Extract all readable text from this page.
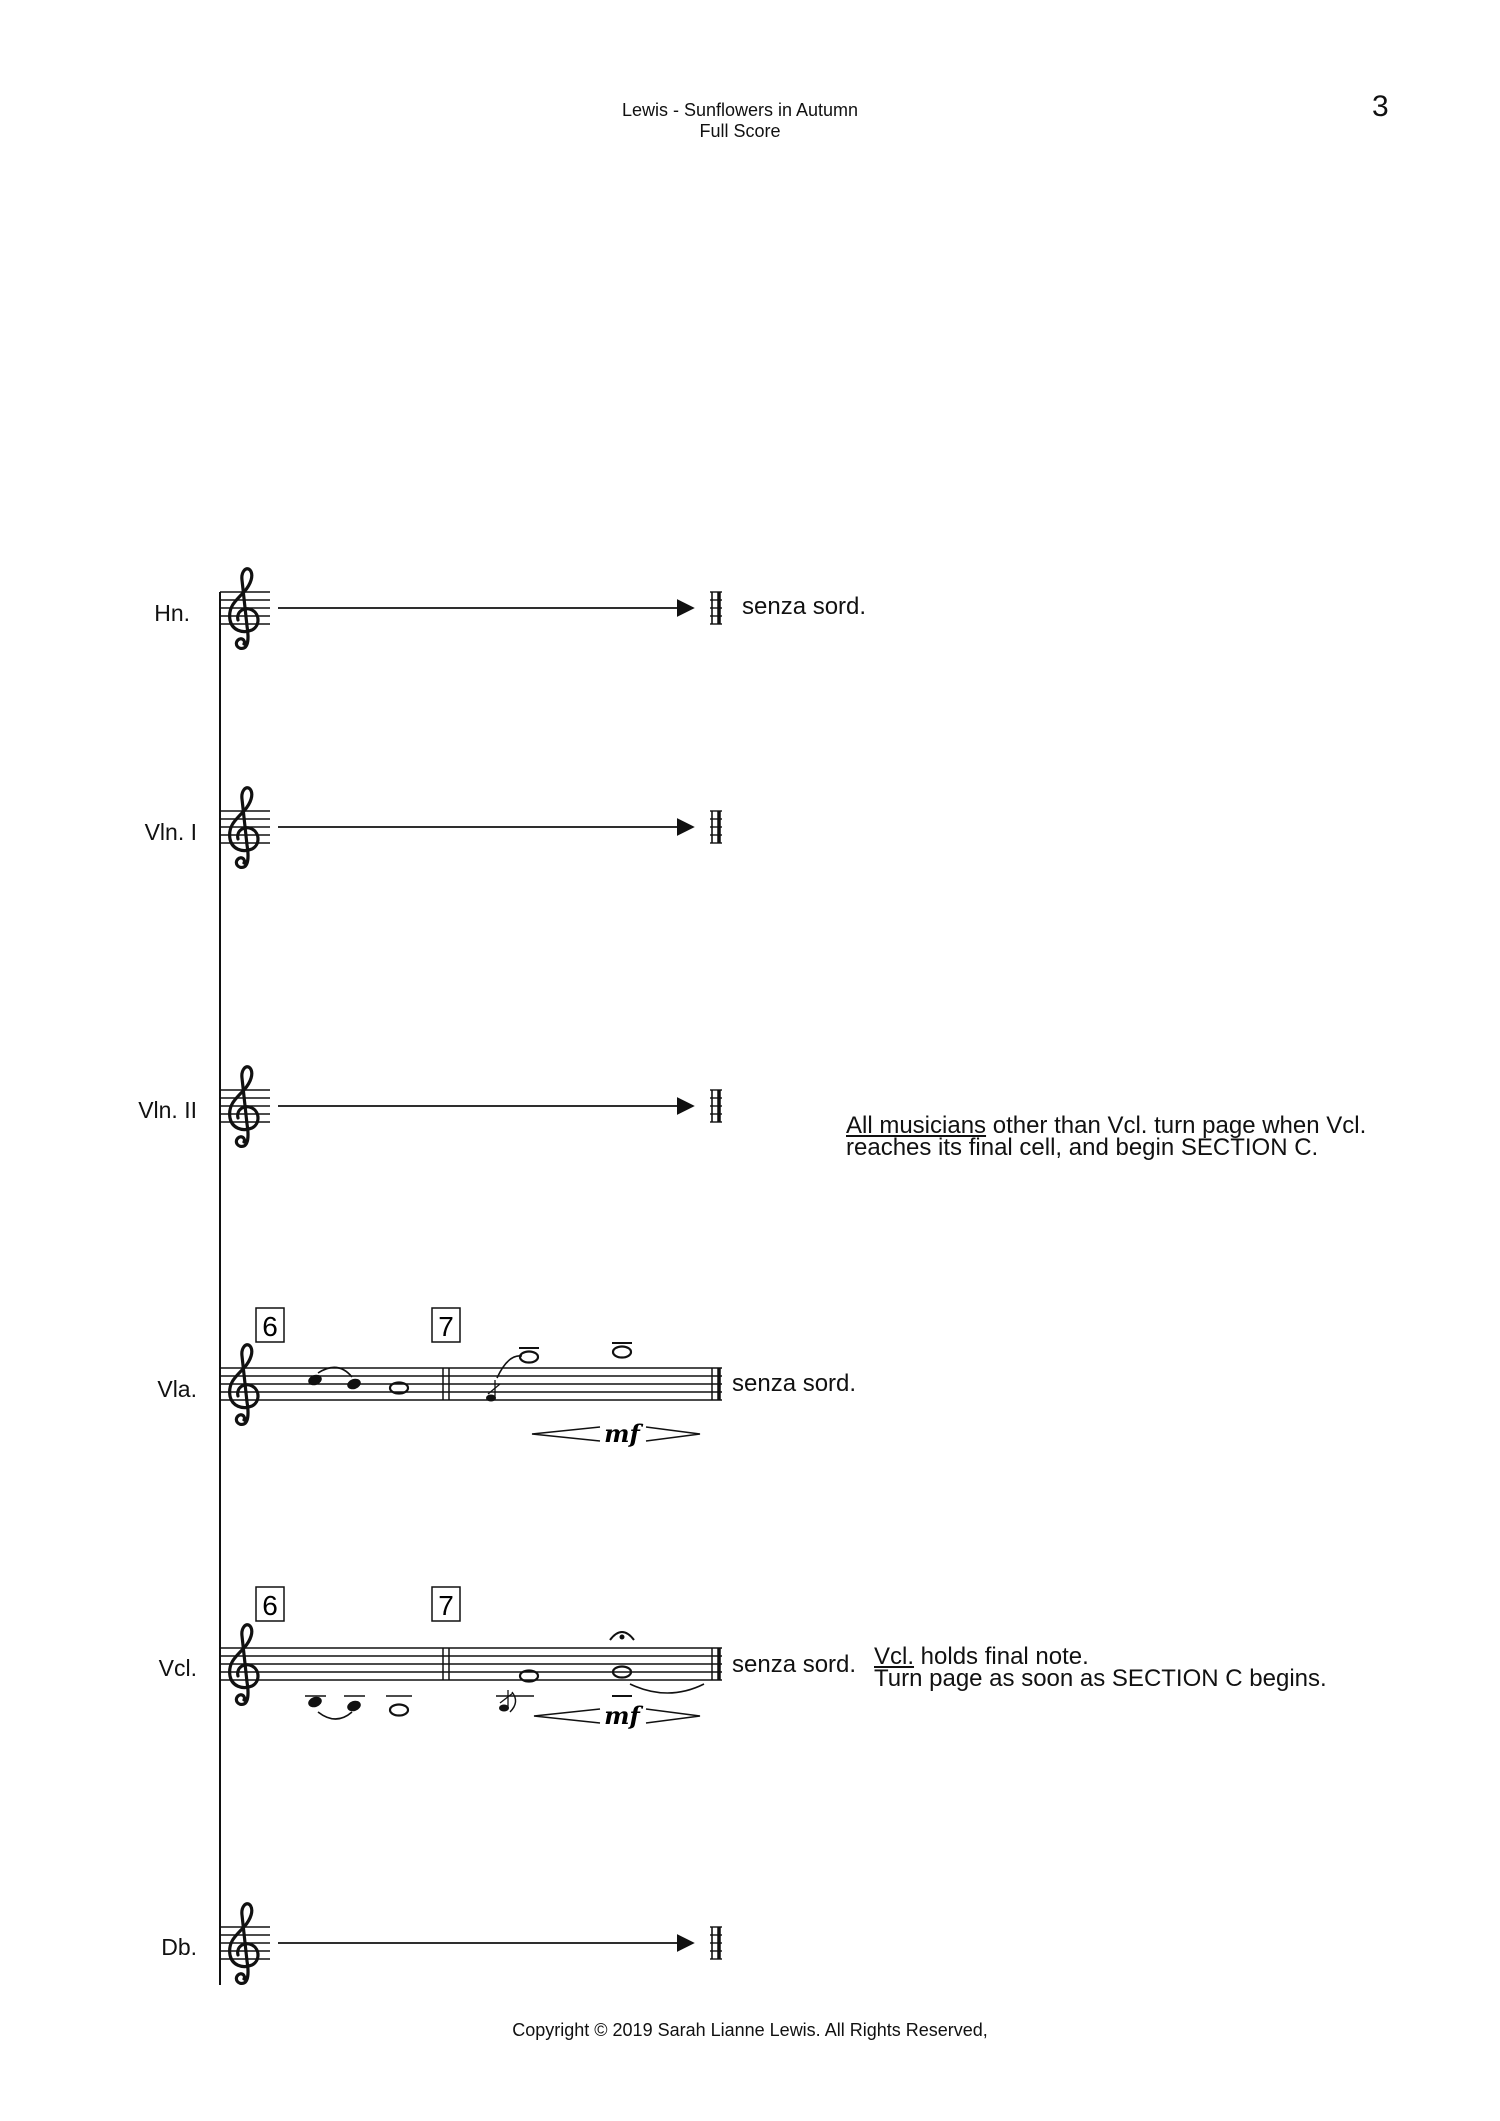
Lewis - Sunflowers in Autumn
Full Score
3
Hn.
Vln. I
Vln. II
Vla.
Vcl.
Db.
6	7
mf
6	7
mf
senza sord.
senza sord.
senza sord.
All musicians other than Vcl. turn page when Vcl.
reaches its final cell, and begin SECTION C.
Vcl. holds final note.
Turn page as soon as SECTION C begins.
Copyright © 2019 Sarah Lianne Lewis. All Rights Reserved,
